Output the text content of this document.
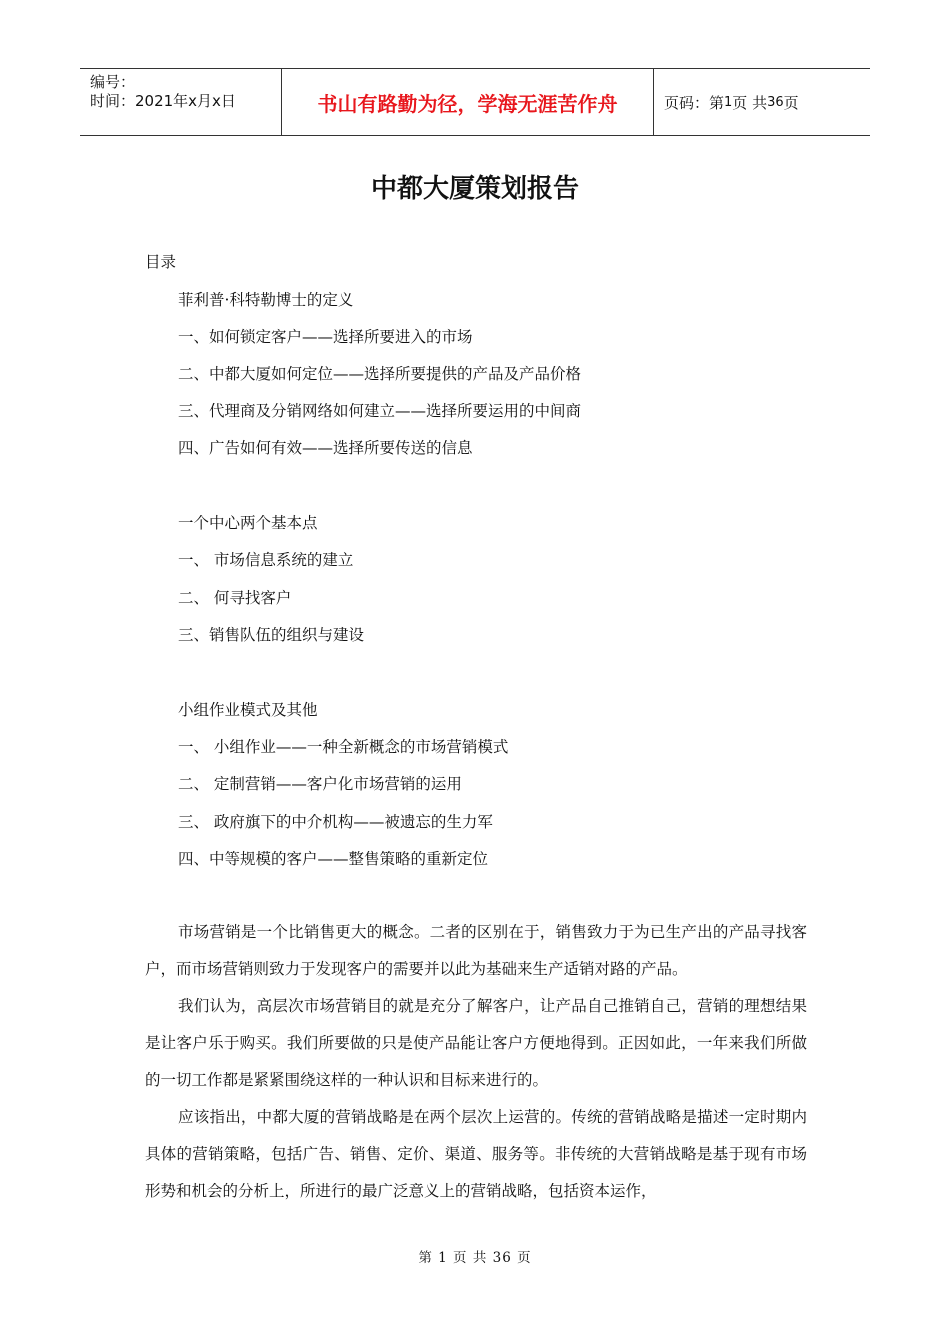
编号：
时间：2021年x月x日	书山有路勤为径，学海无涯苦作舟	页码：第 1 页 共 36 页
中都大厦策划报告
目录
菲利普·科特勒博士的定义
一、如何锁定客户——选择所要进入的市场
二、中都大厦如何定位——选择所要提供的产品及产品价格
三、代理商及分销网络如何建立——选择所要运用的中间商
四、广告如何有效——选择所要传送的信息
一个中心两个基本点
一、 市场信息系统的建立
二、 何寻找客户
三、销售队伍的组织与建设
小组作业模式及其他
一、 小组作业——一种全新概念的市场营销模式
二、 定制营销——客户化市场营销的运用
三、 政府旗下的中介机构——被遗忘的生力军
四、中等规模的客户——整售策略的重新定位
市场营销是一个比销售更大的概念。二者的区别在于，销售致力于为已生产出的产品寻找客户，而市场营销则致力于发现客户的需要并以此为基础来生产适销对路的产品。
我们认为，高层次市场营销目的就是充分了解客户，让产品自己推销自己，营销的理想结果是让客户乐于购买。我们所要做的只是使产品能让客户方便地得到。正因如此，一年来我们所做的一切工作都是紧紧围绕这样的一种认识和目标来进行的。
应该指出，中都大厦的营销战略是在两个层次上运营的。传统的营销战略是描述一定时期内具体的营销策略，包括广告、销售、定价、渠道、服务等。非传统的大营销战略是基于现有市场形势和机会的分析上，所进行的最广泛意义上的营销战略，包括资本运作，
第 1 页 共 36 页
